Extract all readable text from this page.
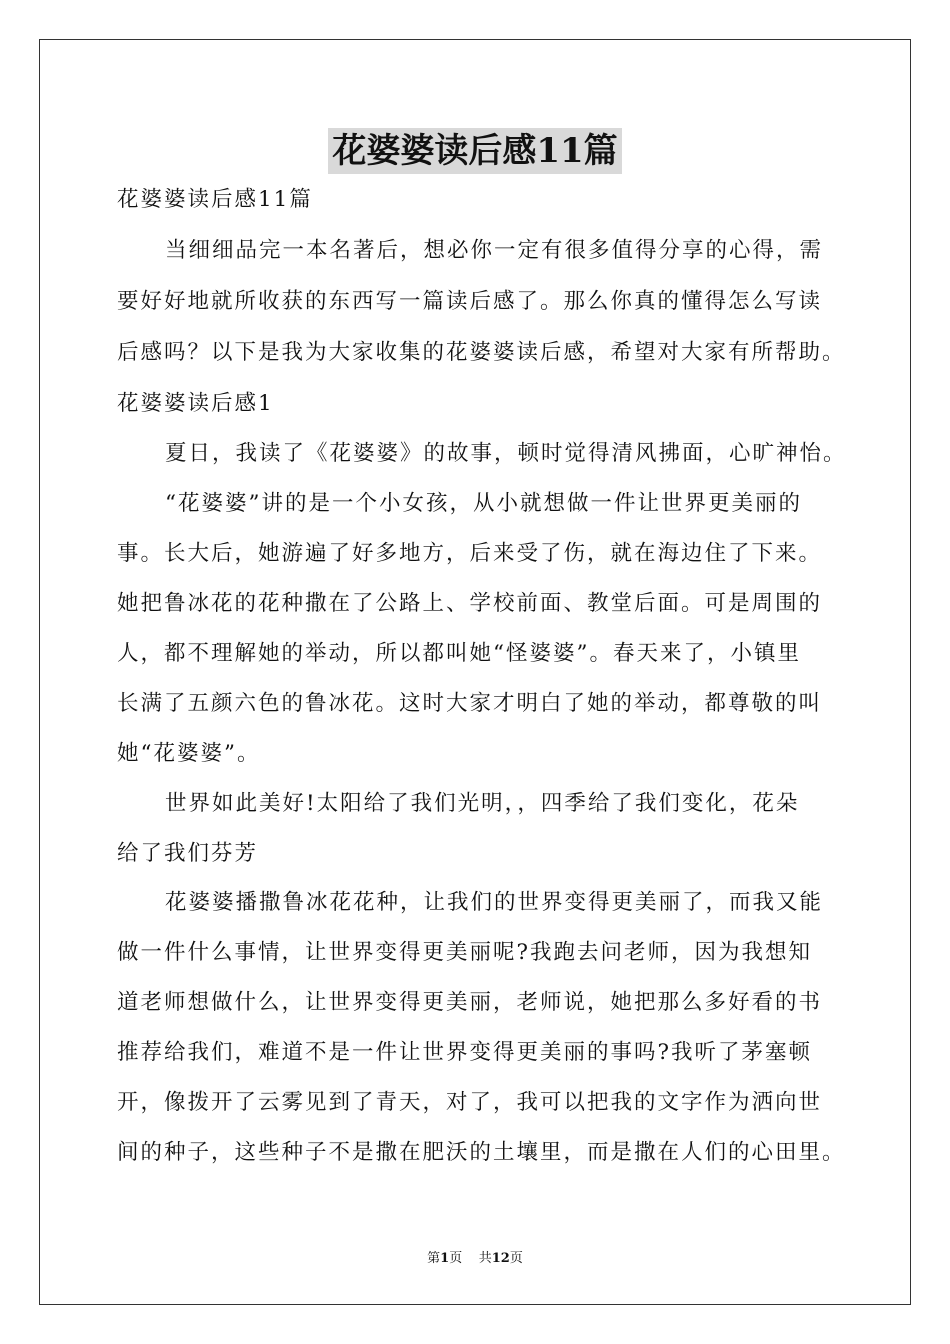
花婆婆读后感11篇
花婆婆读后感11篇
当细细品完一本名著后，想必你一定有很多值得分享的心得，需
要好好地就所收获的东西写一篇读后感了。那么你真的懂得怎么写读
后感吗？以下是我为大家收集的花婆婆读后感，希望对大家有所帮助。
花婆婆读后感1
夏日，我读了《花婆婆》的故事，顿时觉得清风拂面，心旷神怡。
“花婆婆”讲的是一个小女孩，从小就想做一件让世界更美丽的
事。长大后，她游遍了好多地方，后来受了伤，就在海边住了下来。
她把鲁冰花的花种撒在了公路上、学校前面、教堂后面。可是周围的
人，都不理解她的举动，所以都叫她“怪婆婆”。春天来了，小镇里
长满了五颜六色的鲁冰花。这时大家才明白了她的举动，都尊敬的叫
她“花婆婆”。
世界如此美好!太阳给了我们光明，，四季给了我们变化，花朵
给了我们芬芳
花婆婆播撒鲁冰花花种，让我们的世界变得更美丽了，而我又能
做一件什么事情，让世界变得更美丽呢?我跑去问老师，因为我想知
道老师想做什么，让世界变得更美丽，老师说，她把那么多好看的书
推荐给我们，难道不是一件让世界变得更美丽的事吗?我听了茅塞顿
开，像拨开了云雾见到了青天，对了，我可以把我的文字作为洒向世
间的种子，这些种子不是撒在肥沃的土壤里，而是撒在人们的心田里。
第1页 共12页
